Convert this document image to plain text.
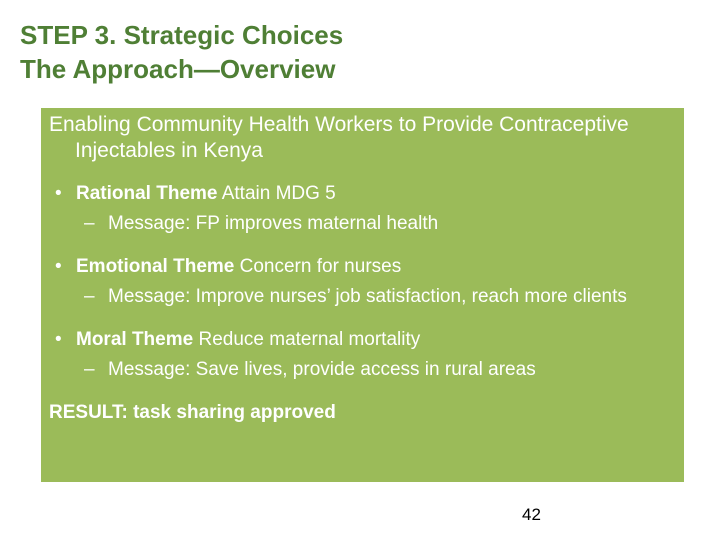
STEP 3. Strategic Choices
The Approach—Overview
Enabling Community Health Workers to Provide Contraceptive Injectables in Kenya
• Rational Theme Attain MDG 5
– Message: FP improves maternal health
• Emotional Theme Concern for nurses
– Message: Improve nurses’ job satisfaction, reach more clients
• Moral Theme Reduce maternal mortality
– Message: Save lives, provide access in rural areas
RESULT: task sharing approved
42
